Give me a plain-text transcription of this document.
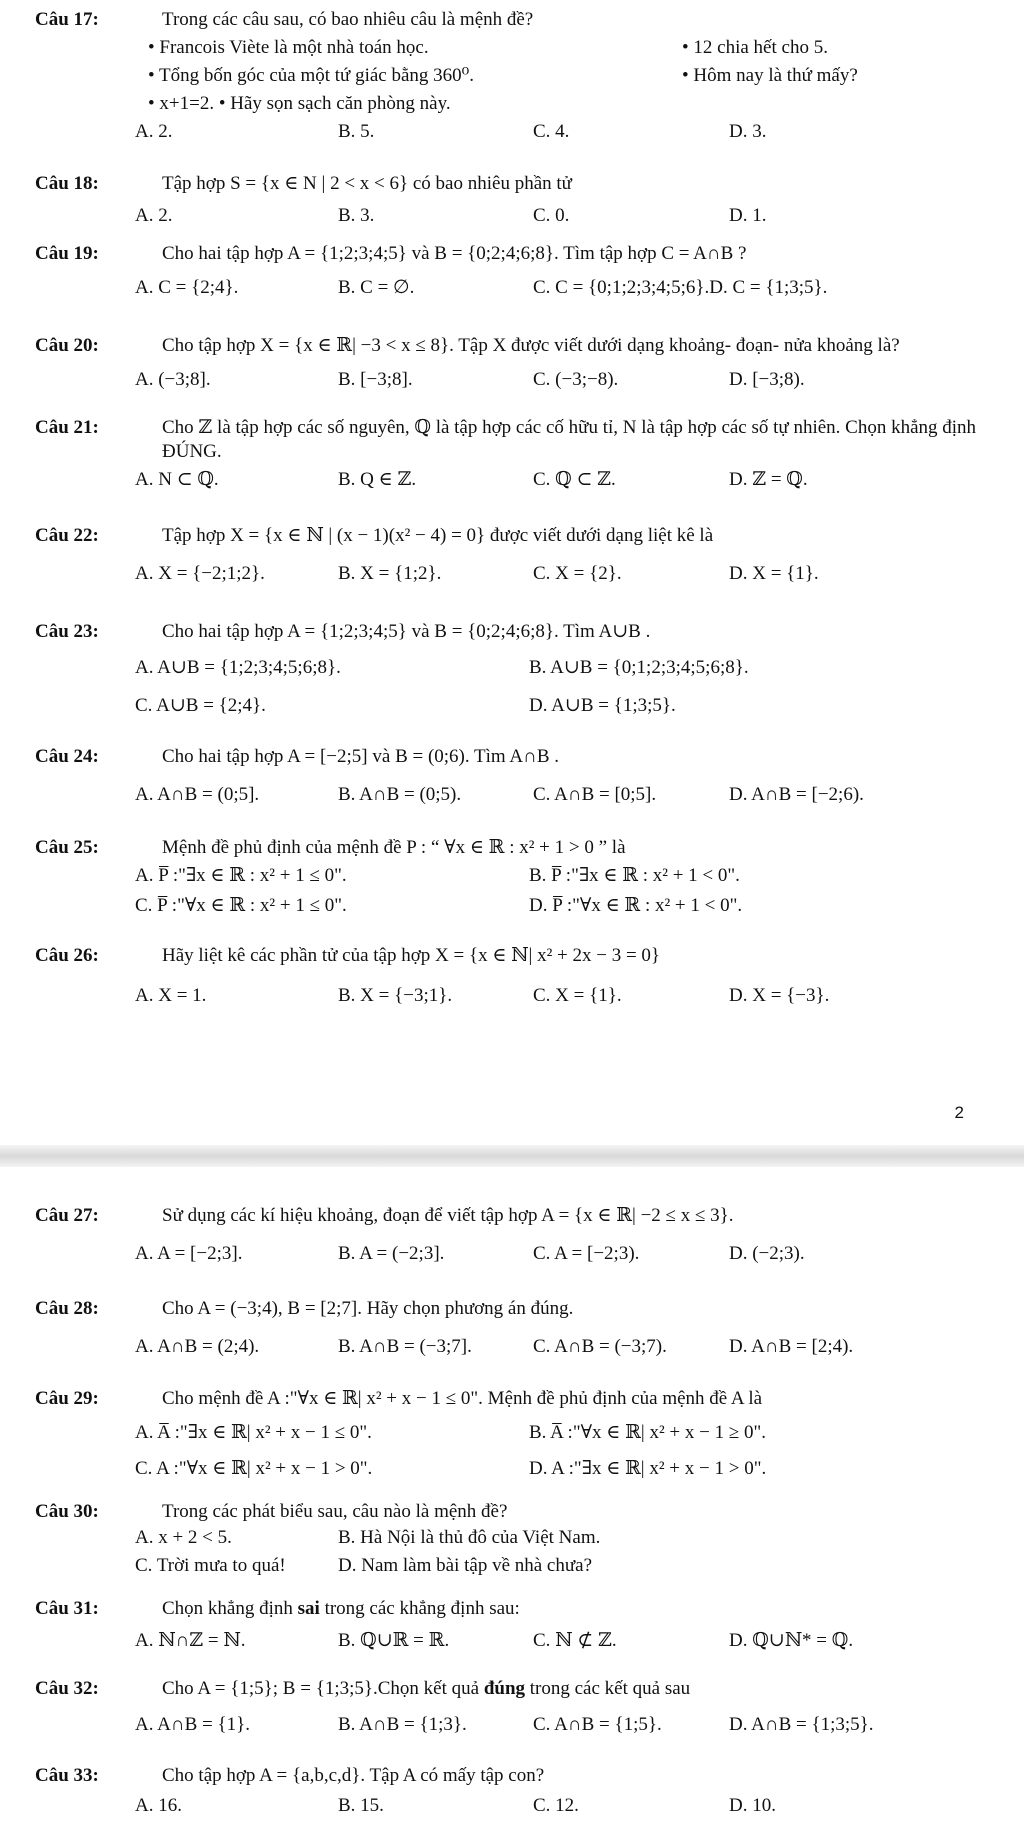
Câu 17:	Trong các câu sau, có bao nhiêu câu là mệnh đề?
• Francois Viète là một nhà toán học.	• 12 chia hết cho 5.
• Tổng bốn góc của một tứ giác bằng 360⁰.	• Hôm nay là thứ mấy?
• x+1=2. • Hãy sọn sạch căn phòng này.
A. 2.	B. 5.	C. 4.	D. 3.
Câu 18:	Tập hợp S = {x ∈ N | 2 < x < 6} có bao nhiêu phần tử
A. 2.	B. 3.	C. 0.	D. 1.
Câu 19:	Cho hai tập hợp A = {1;2;3;4;5} và B = {0;2;4;6;8}. Tìm tập hợp C = A∩B ?
A. C = {2;4}.	B. C = ∅.	C. C = {0;1;2;3;4;5;6}.D. C = {1;3;5}.
Câu 20:	Cho tập hợp X = {x ∈ ℝ| −3 < x ≤ 8}. Tập X được viết dưới dạng khoảng- đoạn- nửa khoảng là?
A. (−3;8].	B. [−3;8].	C. (−3;−8).	D. [−3;8).
Câu 21:	Cho ℤ là tập hợp các số nguyên, ℚ là tập hợp các cố hữu tỉ, N là tập hợp các số tự nhiên. Chọn khẳng định ĐÚNG.
A. N ⊂ ℚ.	B. Q ∈ ℤ.	C. ℚ ⊂ ℤ.	D. ℤ = ℚ.
Câu 22:	Tập hợp X = {x ∈ ℕ | (x − 1)(x² − 4) = 0} được viết dưới dạng liệt kê là
A. X = {−2;1;2}.	B. X = {1;2}.	C. X = {2}.	D. X = {1}.
Câu 23:	Cho hai tập hợp A = {1;2;3;4;5} và B = {0;2;4;6;8}. Tìm A∪B .
A. A∪B = {1;2;3;4;5;6;8}.	B. A∪B = {0;1;2;3;4;5;6;8}.
C. A∪B = {2;4}.	D. A∪B = {1;3;5}.
Câu 24:	Cho hai tập hợp A = [−2;5] và B = (0;6). Tìm A∩B .
A. A∩B = (0;5].	B. A∩B = (0;5).	C. A∩B = [0;5].	D. A∩B = [−2;6).
Câu 25:	Mệnh đề phủ định của mệnh đề P : “ ∀x ∈ ℝ : x² + 1 > 0 ” là
A. P̅ :"∃x ∈ ℝ : x² + 1 ≤ 0".	B. P̅ :"∃x ∈ ℝ : x² + 1 < 0".
C. P̅ :"∀x ∈ ℝ : x² + 1 ≤ 0".	D. P̅ :"∀x ∈ ℝ : x² + 1 < 0".
Câu 26:	Hãy liệt kê các phần tử của tập hợp X = {x ∈ ℕ| x² + 2x − 3 = 0}
A. X = 1.	B. X = {−3;1}.	C. X = {1}.	D. X = {−3}.
2
Câu 27:	Sử dụng các kí hiệu khoảng, đoạn để viết tập hợp A = {x ∈ ℝ| −2 ≤ x ≤ 3}.
A. A = [−2;3].	B. A = (−2;3].	C. A = [−2;3).	D. (−2;3).
Câu 28:	Cho A = (−3;4), B = [2;7]. Hãy chọn phương án đúng.
A. A∩B = (2;4).	B. A∩B = (−3;7].	C. A∩B = (−3;7).	D. A∩B = [2;4).
Câu 29:	Cho mệnh đề A :"∀x ∈ ℝ| x² + x − 1 ≤ 0". Mệnh đề phủ định của mệnh đề A là
A. A̅ :"∃x ∈ ℝ| x² + x − 1 ≤ 0".	B. A̅ :"∀x ∈ ℝ| x² + x − 1 ≥ 0".
C. A :"∀x ∈ ℝ| x² + x − 1 > 0".	D. A :"∃x ∈ ℝ| x² + x − 1 > 0".
Câu 30:	Trong các phát biểu sau, câu nào là mệnh đề?
A. x + 2 < 5.	B. Hà Nội là thủ đô của Việt Nam.
C. Trời mưa to quá!	D. Nam làm bài tập về nhà chưa?
Câu 31:	Chọn khẳng định sai trong các khẳng định sau:
A. ℕ∩ℤ = ℕ.	B. ℚ∪ℝ = ℝ.	C. ℕ ⊄ ℤ.	D. ℚ∪ℕ* = ℚ.
Câu 32:	Cho A = {1;5}; B = {1;3;5}.Chọn kết quả đúng trong các kết quả sau
A. A∩B = {1}.	B. A∩B = {1;3}.	C. A∩B = {1;5}.	D. A∩B = {1;3;5}.
Câu 33:	Cho tập hợp A = {a,b,c,d}. Tập A có mấy tập con?
A. 16.	B. 15.	C. 12.	D. 10.
